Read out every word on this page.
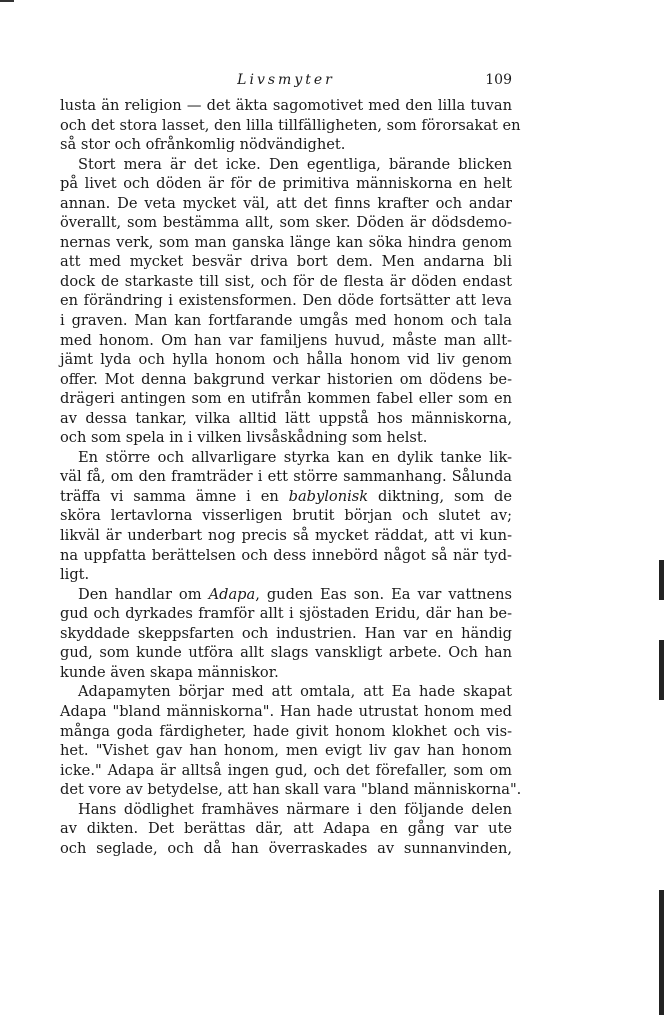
Livsmyter	109
lusta än religion — det äkta sagomotivet med den lilla tuvan
och det stora lasset, den lilla tillfälligheten, som förorsakat en
så stor och ofrånkomlig nödvändighet.
Stort mera är det icke. Den egentliga, bärande blicken
på livet och döden är för de primitiva människorna en helt
annan. De veta mycket väl, att det finns krafter och andar
överallt, som bestämma allt, som sker. Döden är dödsdemo-
nernas verk, som man ganska länge kan söka hindra genom
att med mycket besvär driva bort dem. Men andarna bli
dock de starkaste till sist, och för de flesta är döden endast
en förändring i existensformen. Den döde fortsätter att leva
i graven. Man kan fortfarande umgås med honom och tala
med honom. Om han var familjens huvud, måste man allt-
jämt lyda och hylla honom och hålla honom vid liv genom
offer. Mot denna bakgrund verkar historien om dödens be-
drägeri antingen som en utifrån kommen fabel eller som en
av dessa tankar, vilka alltid lätt uppstå hos människorna,
och som spela in i vilken livsåskådning som helst.
En större och allvarligare styrka kan en dylik tanke lik-
väl få, om den framträder i ett större sammanhang. Sålunda
träffa vi samma ämne i en babylonisk diktning, som de
sköra lertavlorna visserligen brutit början och slutet av;
likväl är underbart nog precis så mycket räddat, att vi kun-
na uppfatta berättelsen och dess innebörd något så när tyd-
ligt.
Den handlar om Adapa, guden Eas son. Ea var vattnens
gud och dyrkades framför allt i sjöstaden Eridu, där han be-
skyddade skeppsfarten och industrien. Han var en händig
gud, som kunde utföra allt slags vanskligt arbete. Och han
kunde även skapa människor.
Adapamyten börjar med att omtala, att Ea hade skapat
Adapa "bland människorna". Han hade utrustat honom med
många goda färdigheter, hade givit honom klokhet och vis-
het. "Vishet gav han honom, men evigt liv gav han honom
icke." Adapa är alltså ingen gud, och det förefaller, som om
det vore av betydelse, att han skall vara "bland människorna".
Hans dödlighet framhäves närmare i den följande delen
av dikten. Det berättas där, att Adapa en gång var ute
och seglade, och då han överraskades av sunnanvinden,
